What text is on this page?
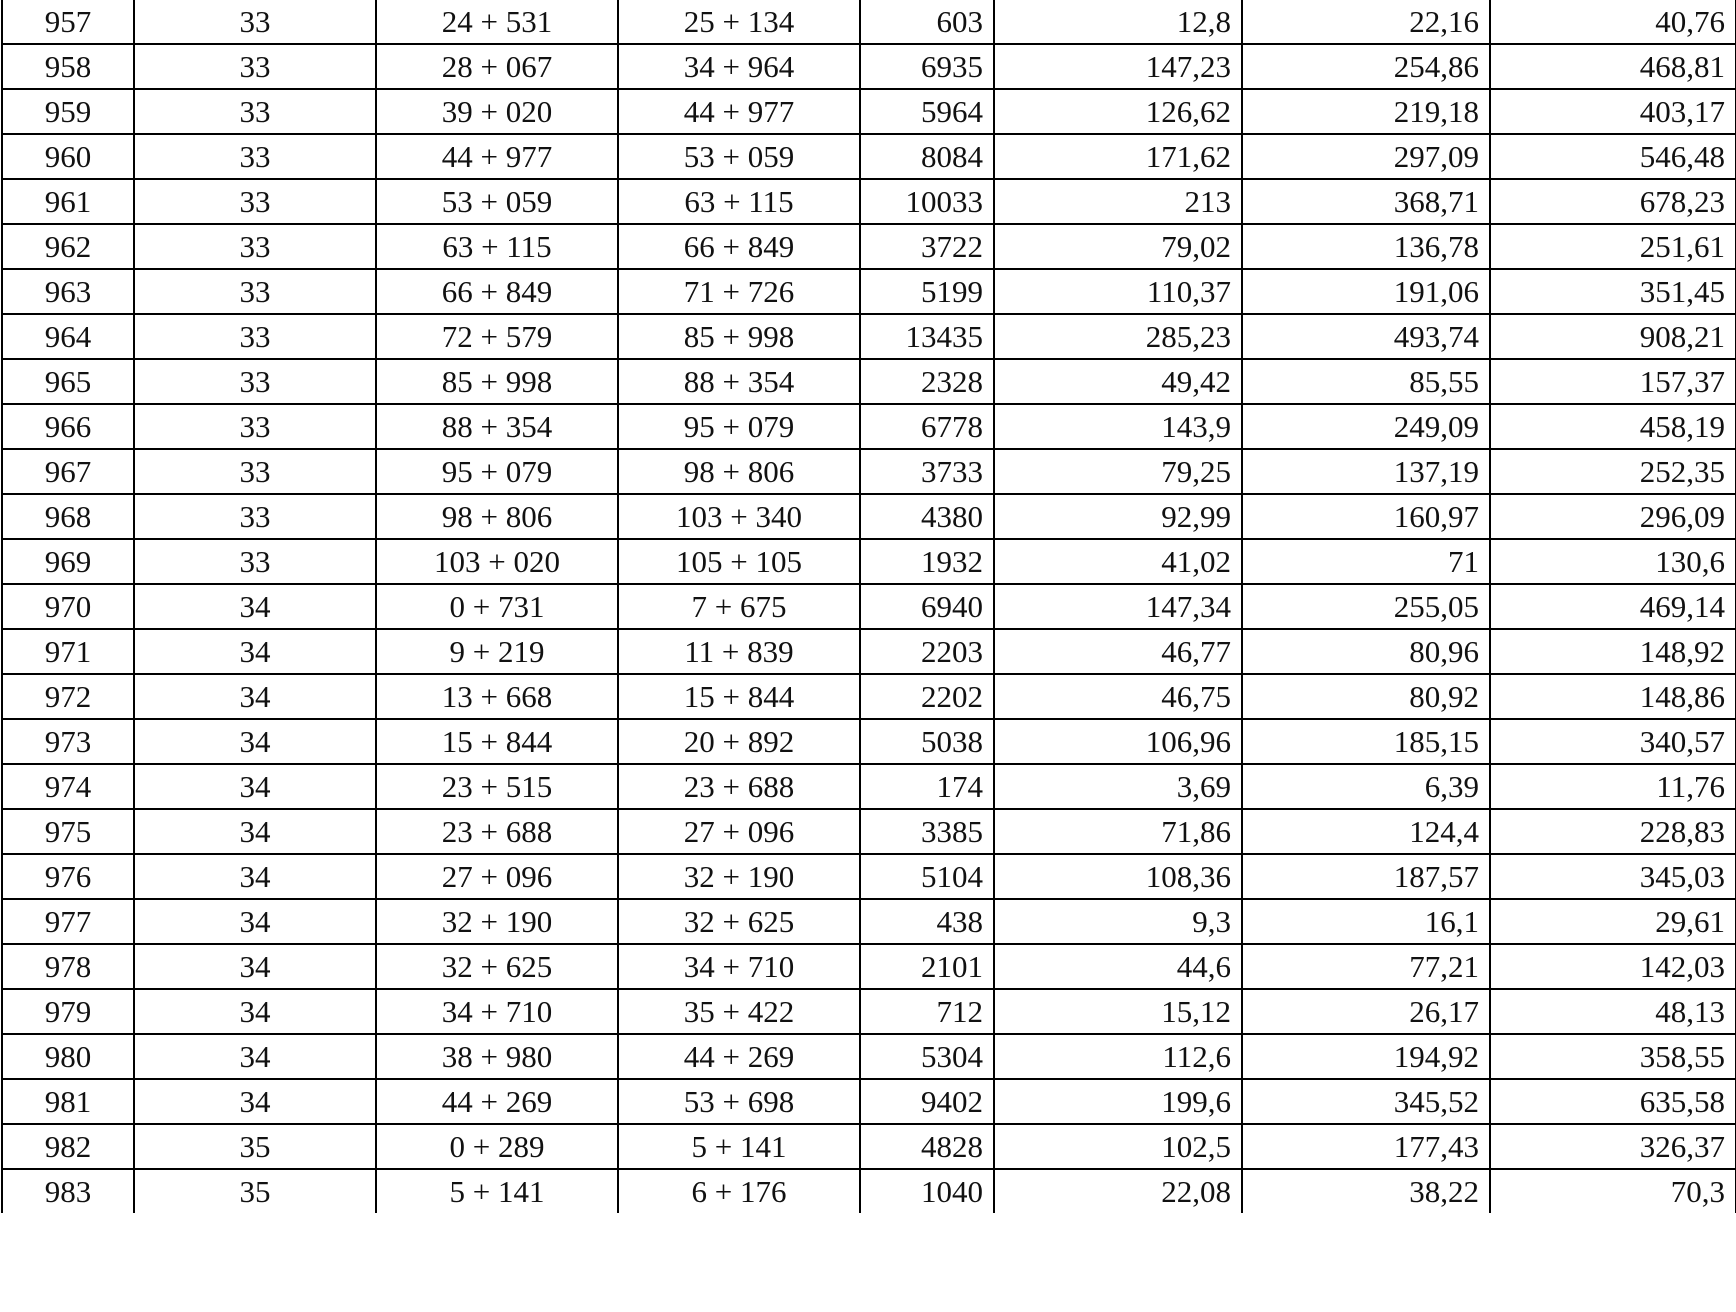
957	33	24 + 531	25 + 134	603	12,8	22,16	40,76
958	33	28 + 067	34 + 964	6935	147,23	254,86	468,81
959	33	39 + 020	44 + 977	5964	126,62	219,18	403,17
960	33	44 + 977	53 + 059	8084	171,62	297,09	546,48
961	33	53 + 059	63 + 115	10033	213	368,71	678,23
962	33	63 + 115	66 + 849	3722	79,02	136,78	251,61
963	33	66 + 849	71 + 726	5199	110,37	191,06	351,45
964	33	72 + 579	85 + 998	13435	285,23	493,74	908,21
965	33	85 + 998	88 + 354	2328	49,42	85,55	157,37
966	33	88 + 354	95 + 079	6778	143,9	249,09	458,19
967	33	95 + 079	98 + 806	3733	79,25	137,19	252,35
968	33	98 + 806	103 + 340	4380	92,99	160,97	296,09
969	33	103 + 020	105 + 105	1932	41,02	71	130,6
970	34	0 + 731	7 + 675	6940	147,34	255,05	469,14
971	34	9 + 219	11 + 839	2203	46,77	80,96	148,92
972	34	13 + 668	15 + 844	2202	46,75	80,92	148,86
973	34	15 + 844	20 + 892	5038	106,96	185,15	340,57
974	34	23 + 515	23 + 688	174	3,69	6,39	11,76
975	34	23 + 688	27 + 096	3385	71,86	124,4	228,83
976	34	27 + 096	32 + 190	5104	108,36	187,57	345,03
977	34	32 + 190	32 + 625	438	9,3	16,1	29,61
978	34	32 + 625	34 + 710	2101	44,6	77,21	142,03
979	34	34 + 710	35 + 422	712	15,12	26,17	48,13
980	34	38 + 980	44 + 269	5304	112,6	194,92	358,55
981	34	44 + 269	53 + 698	9402	199,6	345,52	635,58
982	35	0 + 289	5 + 141	4828	102,5	177,43	326,37
983	35	5 + 141	6 + 176	1040	22,08	38,22	70,3
